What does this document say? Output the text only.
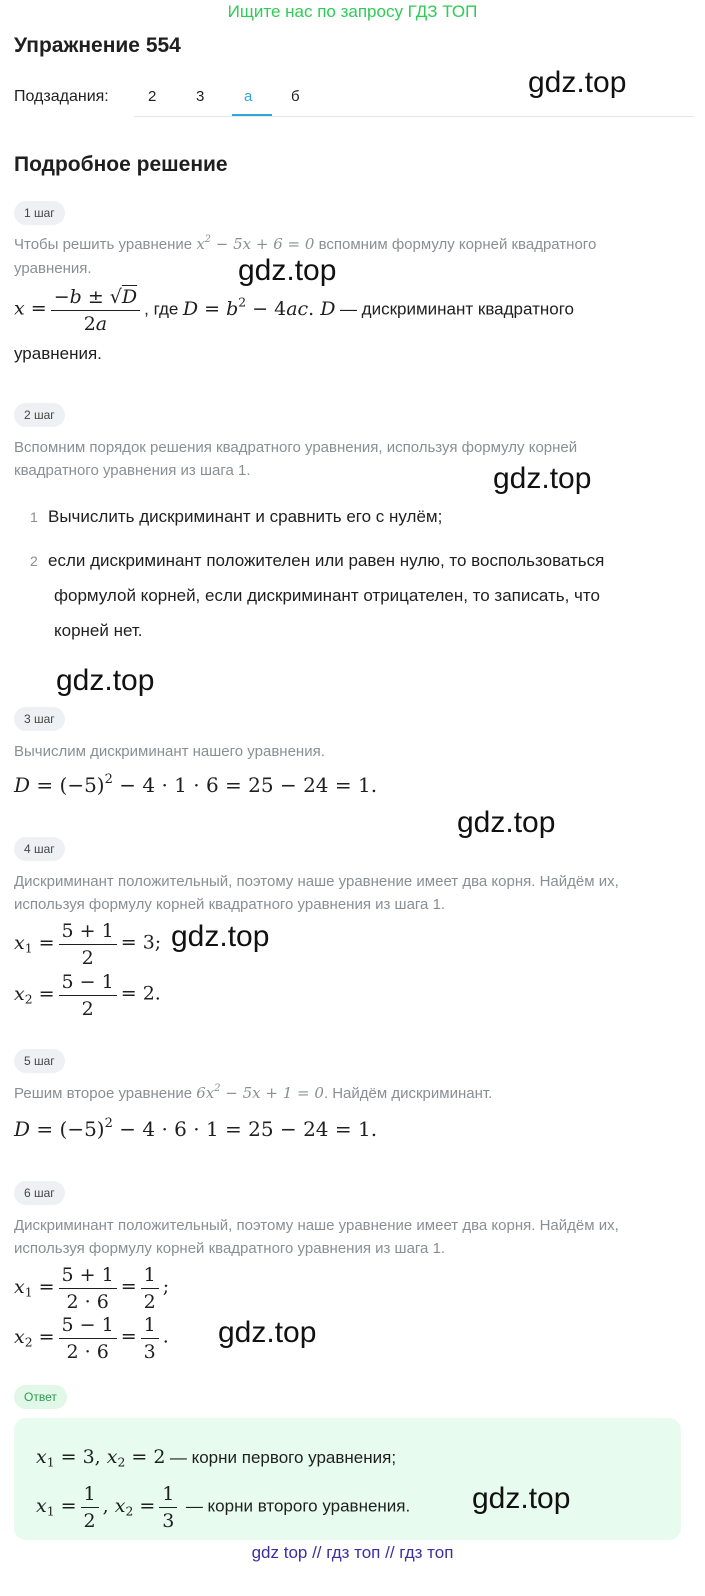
Ищите нас по запросу ГДЗ ТОП
Упражнение 554
Подзадания:	2	3	а	б	gdz.top
Подробное решение
1 шаг
Чтобы решить уравнение $x^2 - 5x + 6 = 0$ вспомним формулу корней квадратного
уравнения.	gdz.top
$x = \frac{-b \pm √D}{2a}$ , где $D = b^2 - 4ac$. D — дискриминант квадратного
уравнения.
2 шаг
Вспомним порядок решения квадратного уравнения, используя формулу корней
квадратного уравнения из шага 1.	gdz.top
1 Вычислить дискриминант и сравнить его с нулём;
2 если дискриминант положителен или равен нулю, то воспользоваться
формулой корней, если дискриминант отрицателен, то записать, что
корней нет.
gdz.top
3 шаг
Вычислим дискриминант нашего уравнения.
$D = (-5)^2 - 4 \cdot 1 \cdot 6 = 25 - 24 = 1$.
gdz.top
4 шаг
Дискриминант положительный, поэтому наше уравнение имеет два корня. Найдём их,
используя формулу корней квадратного уравнения из шага 1.
$x_1 = \frac{5 + 1}{2} = 3$; gdz.top
$x_2 = \frac{5 - 1}{2} = 2$.
5 шаг
Решим второе уравнение $6x^2 - 5x + 1 = 0$. Найдём дискриминант.
$D = (-5)^2 - 4 \cdot 6 \cdot 1 = 25 - 24 = 1$.
6 шаг
Дискриминант положительный, поэтому наше уравнение имеет два корня. Найдём их,
используя формулу корней квадратного уравнения из шага 1.
$x_1 = \frac{5 + 1}{2 \cdot 6} = \frac{1}{2}$ ;
$x_2 = \frac{5 - 1}{2 \cdot 6} = \frac{1}{3}$ . gdz.top
Ответ
$x_1 = 3$, $x_2 = 2$ — корни первого уравнения;
$x_1 = \frac{1}{2}$ , $x_2 = \frac{1}{3}$ — корни второго уравнения. gdz.top
gdz top // гдз топ // гдз топ
